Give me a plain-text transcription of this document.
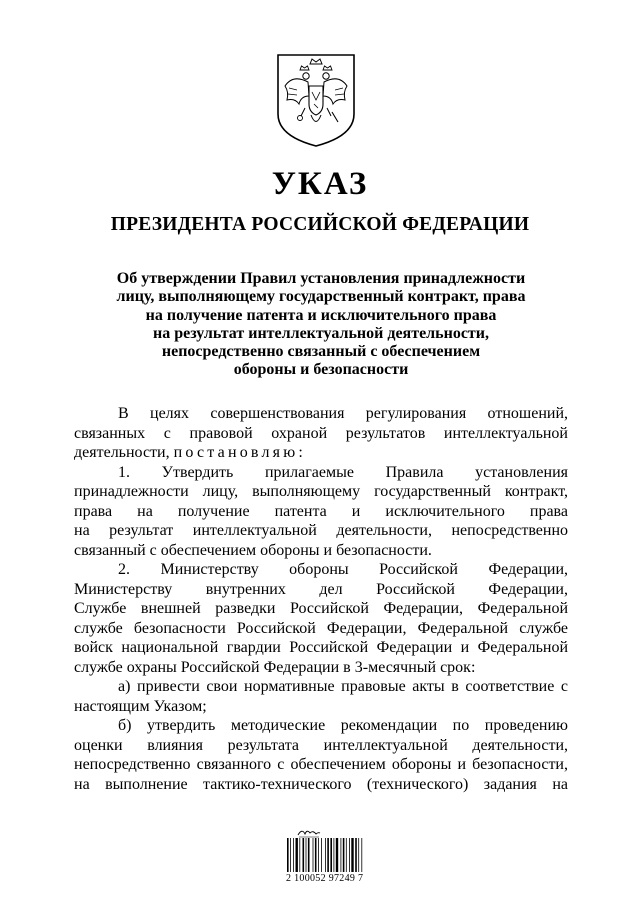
УКАЗ
ПРЕЗИДЕНТА РОССИЙСКОЙ ФЕДЕРАЦИИ
Об утверждении Правил установления принадлежности
лицу, выполняющему государственный контракт, права
на получение патента и исключительного права
на результат интеллектуальной деятельности,
непосредственно связанный с обеспечением
обороны и безопасности
В целях совершенствования регулирования отношений,
связанных с правовой охраной результатов интеллектуальной
деятельности, постановляю:
1. Утвердить прилагаемые Правила установления
принадлежности лицу, выполняющему государственный контракт,
права на получение патента и исключительного права
на результат интеллектуальной деятельности, непосредственно
связанный с обеспечением обороны и безопасности.
2. Министерству обороны Российской Федерации,
Министерству внутренних дел Российской Федерации,
Службе внешней разведки Российской Федерации, Федеральной
службе безопасности Российской Федерации, Федеральной службе
войск национальной гвардии Российской Федерации и Федеральной
службе охраны Российской Федерации в 3-месячный срок:
а) привести свои нормативные правовые акты в соответствие с
настоящим Указом;
б) утвердить методические рекомендации по проведению
оценки влияния результата интеллектуальной деятельности,
непосредственно связанного с обеспечением обороны и безопасности,
на выполнение тактико-технического (технического) задания на
2 100052 97249 7
